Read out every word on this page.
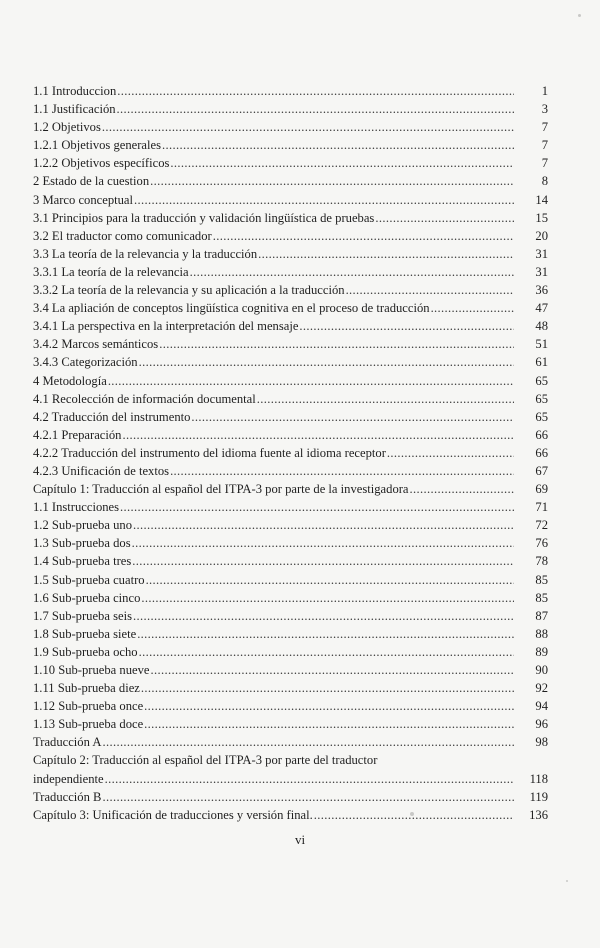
1.1 Introduccion . . .	1
1.1 Justificación . . .	3
1.2 Objetivos . . .	7
1.2.1 Objetivos generales . . .	7
1.2.2 Objetivos específicos . . .	7
2 Estado de la cuestion . . .	8
3 Marco conceptual . . .	14
3.1 Principios para la traducción y validación lingüística de pruebas . . .	15
3.2 El traductor como comunicador . . .	20
3.3 La teoría de la relevancia y la traducción . . .	31
3.3.1 La teoría de la relevancia . . .	31
3.3.2 La teoría de la relevancia y su aplicación a la traducción . . .	36
3.4 La apliación de conceptos lingüística cognitiva en el proceso de traducción . . .	47
3.4.1 La perspectiva en la interpretación del mensaje . . .	48
3.4.2 Marcos semánticos . . .	51
3.4.3 Categorización . . .	61
4 Metodología . . .	65
4.1 Recolección de información documental . . .	65
4.2 Traducción del instrumento . . .	65
4.2.1 Preparación . . .	66
4.2.2 Traducción del instrumento del idioma fuente al idioma receptor . . .	66
4.2.3 Unificación de textos . . .	67
Capítulo 1: Traducción al español del ITPA-3 por parte de la investigadora . . .	69
1.1 Instrucciones . . .	71
1.2 Sub-prueba uno . . .	72
1.3 Sub-prueba dos . . .	76
1.4 Sub-prueba tres . . .	78
1.5 Sub-prueba cuatro . . .	85
1.6 Sub-prueba cinco . . .	85
1.7 Sub-prueba seis . . .	87
1.8 Sub-prueba siete . . .	88
1.9 Sub-prueba ocho . . .	89
1.10 Sub-prueba nueve . . .	90
1.11 Sub-prueba diez . . .	92
1.12 Sub-prueba once . . .	94
1.13 Sub-prueba doce . . .	96
Traducción A . . .	98
Capítulo 2: Traducción al español del ITPA-3 por parte del traductor
independiente . . .	118
Traducción B . . .	119
Capítulo 3: Unificación de traducciones y versión final. . . .	136
vi
